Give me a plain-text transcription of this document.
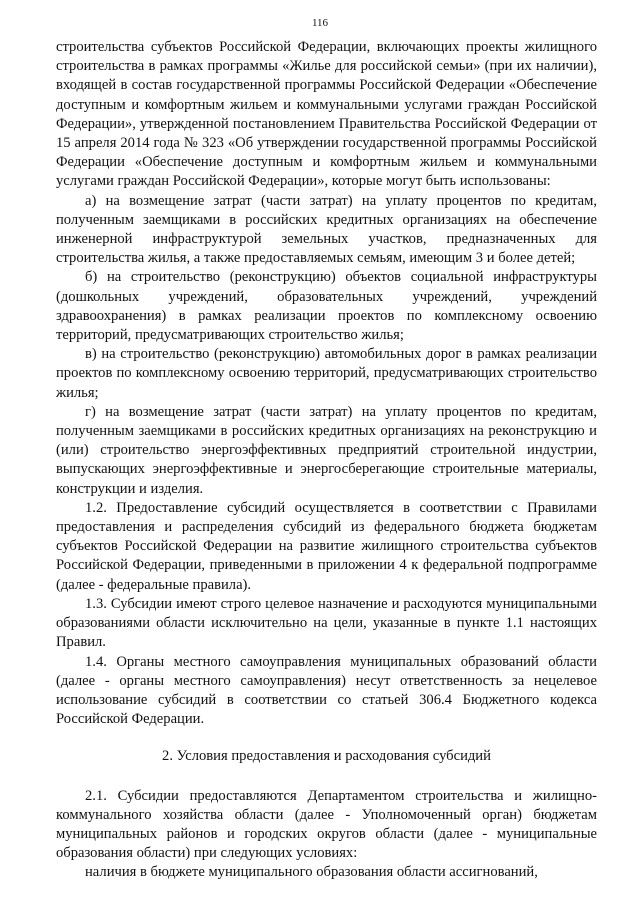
116

строительства субъектов Российской Федерации, включающих проекты жилищного строительства в рамках программы «Жилье для российской семьи» (при их наличии), входящей в состав государственной программы Российской Федерации «Обеспечение доступным и комфортным жильем и коммунальными услугами граждан Российской Федерации», утвержденной постановлением Правительства Российской Федерации от 15 апреля 2014 года № 323 «Об утверждении государственной программы Российской Федерации «Обеспечение доступным и комфортным жильем и коммунальными услугами граждан Российской Федерации», которые могут быть использованы:

а) на возмещение затрат (части затрат) на уплату процентов по кредитам, полученным заемщиками в российских кредитных организациях на обеспечение инженерной инфраструктурой земельных участков, предназначенных для строительства жилья, а также предоставляемых семьям, имеющим 3 и более детей;

б) на строительство (реконструкцию) объектов социальной инфраструктуры (дошкольных учреждений, образовательных учреждений, учреждений здравоохранения) в рамках реализации проектов по комплексному освоению территорий, предусматривающих строительство жилья;

в) на строительство (реконструкцию) автомобильных дорог в рамках реализации проектов по комплексному освоению территорий, предусматривающих строительство жилья;

г) на возмещение затрат (части затрат) на уплату процентов по кредитам, полученным заемщиками в российских кредитных организациях на реконструкцию и (или) строительство энергоэффективных предприятий строительной индустрии, выпускающих энергоэффективные и энергосберегающие строительные материалы, конструкции и изделия.

1.2. Предоставление субсидий осуществляется в соответствии с Правилами предоставления и распределения субсидий из федерального бюджета бюджетам субъектов Российской Федерации на развитие жилищного строительства субъектов Российской Федерации, приведенными в приложении 4 к федеральной подпрограмме (далее - федеральные правила).

1.3. Субсидии имеют строго целевое назначение и расходуются муниципальными образованиями области исключительно на цели, указанные в пункте 1.1 настоящих Правил.

1.4. Органы местного самоуправления муниципальных образований области (далее - органы местного самоуправления) несут ответственность за нецелевое использование субсидий в соответствии со статьей 306.4 Бюджетного кодекса Российской Федерации.

2. Условия предоставления и расходования субсидий

2.1. Субсидии предоставляются Департаментом строительства и жилищно-коммунального хозяйства области (далее - Уполномоченный орган) бюджетам муниципальных районов и городских округов области (далее - муниципальные образования области) при следующих условиях:

наличия в бюджете муниципального образования области ассигнований,
